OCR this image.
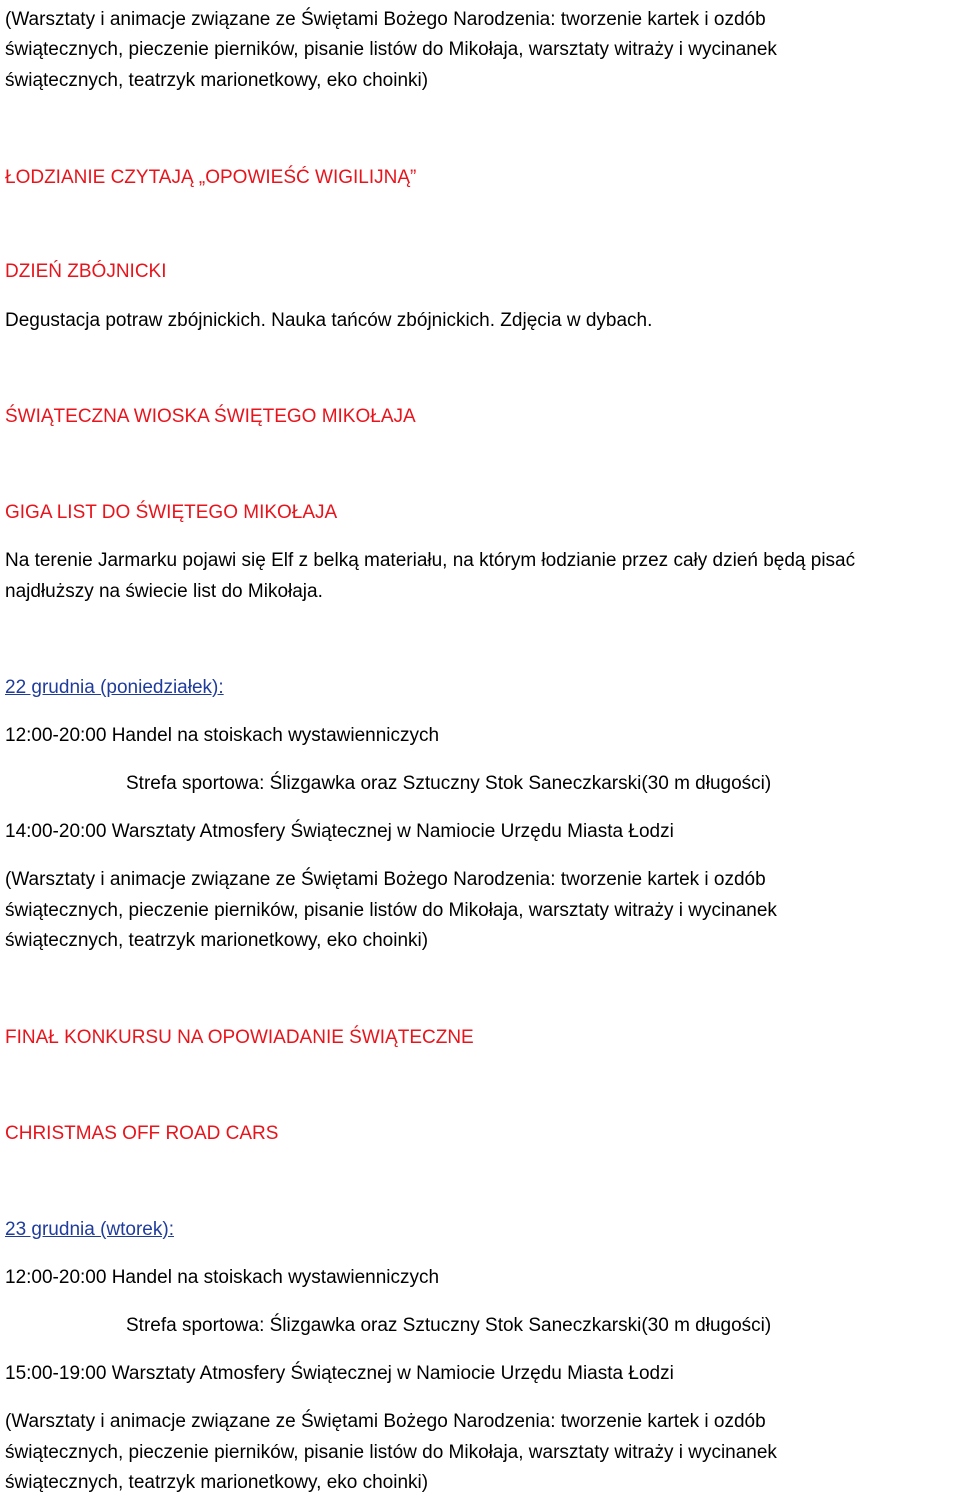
(Warsztaty i animacje związane ze Świętami Bożego Narodzenia: tworzenie kartek i ozdób

świątecznych, pieczenie pierników, pisanie listów do Mikołaja, warsztaty witraży i wycinanek

świątecznych, teatrzyk marionetkowy, eko choinki)

ŁODZIANIE CZYTAJĄ „OPOWIEŚĆ WIGILIJNĄ”

DZIEŃ ZBÓJNICKI

Degustacja potraw zbójnickich. Nauka tańców zbójnickich. Zdjęcia w dybach.

ŚWIĄTECZNA WIOSKA ŚWIĘTEGO MIKOŁAJA

GIGA LIST DO ŚWIĘTEGO MIKOŁAJA

Na terenie Jarmarku pojawi się Elf z belką materiału, na którym łodzianie przez cały dzień będą pisać

najdłuższy na świecie list do Mikołaja.

22 grudnia (poniedziałek):

12:00-20:00 Handel na stoiskach wystawienniczych

Strefa sportowa: Ślizgawka oraz Sztuczny Stok Saneczkarski(30 m długości)

14:00-20:00 Warsztaty Atmosfery Świątecznej w Namiocie Urzędu Miasta Łodzi

(Warsztaty i animacje związane ze Świętami Bożego Narodzenia: tworzenie kartek i ozdób

świątecznych, pieczenie pierników, pisanie listów do Mikołaja, warsztaty witraży i wycinanek

świątecznych, teatrzyk marionetkowy, eko choinki)

FINAŁ KONKURSU NA OPOWIADANIE ŚWIĄTECZNE

CHRISTMAS OFF ROAD CARS

23 grudnia (wtorek):

12:00-20:00 Handel na stoiskach wystawienniczych

Strefa sportowa: Ślizgawka oraz Sztuczny Stok Saneczkarski(30 m długości)

15:00-19:00 Warsztaty Atmosfery Świątecznej w Namiocie Urzędu Miasta Łodzi

(Warsztaty i animacje związane ze Świętami Bożego Narodzenia: tworzenie kartek i ozdób

świątecznych, pieczenie pierników, pisanie listów do Mikołaja, warsztaty witraży i wycinanek

świątecznych, teatrzyk marionetkowy, eko choinki)
